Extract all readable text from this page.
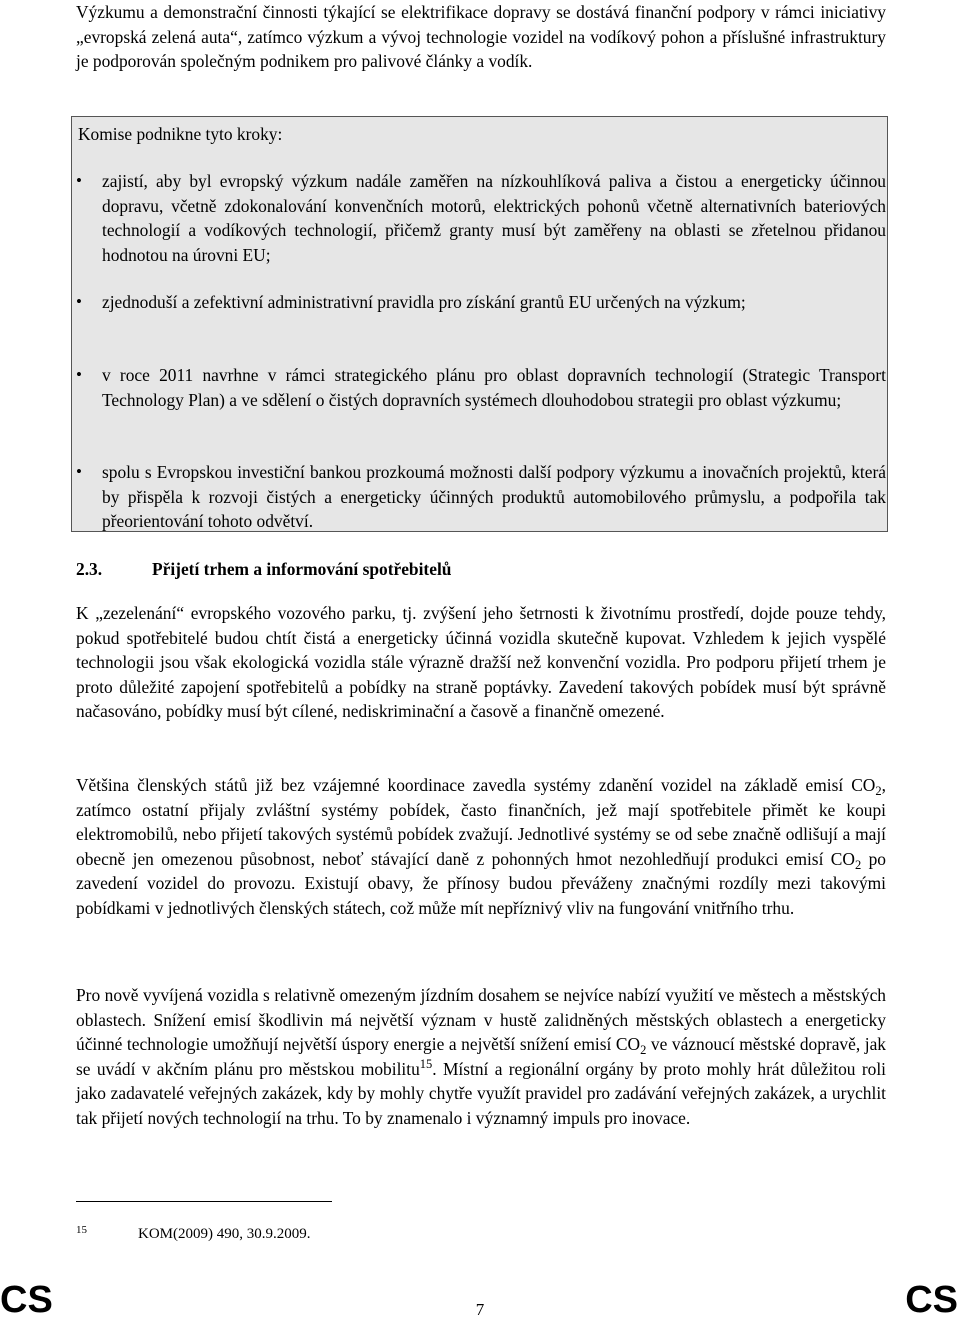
Výzkumu a demonstrační činnosti týkající se elektrifikace dopravy se dostává finanční podpory v rámci iniciativy „evropská zelená auta“, zatímco výzkum a vývoj technologie vozidel na vodíkový pohon a příslušné infrastruktury je podporován společným podnikem pro palivové články a vodík.

Komise podnikne tyto kroky:

• zajistí, aby byl evropský výzkum nadále zaměřen na nízkouhlíková paliva a čistou a energeticky účinnou dopravu, včetně zdokonalování konvenčních motorů, elektrických pohonů včetně alternativních bateriových technologií a vodíkových technologií, přičemž granty musí být zaměřeny na oblasti se zřetelnou přidanou hodnotou na úrovni EU;
• zjednoduší a zefektivní administrativní pravidla pro získání grantů EU určených na výzkum;
• v roce 2011 navrhne v rámci strategického plánu pro oblast dopravních technologií (Strategic Transport Technology Plan) a ve sdělení o čistých dopravních systémech dlouhodobou strategii pro oblast výzkumu;
• spolu s Evropskou investiční bankou prozkoumá možnosti další podpory výzkumu a inovačních projektů, která by přispěla k rozvoji čistých a energeticky účinných produktů automobilového průmyslu, a podpořila tak přeorientování tohoto odvětví.
2.3.	Přijetí trhem a informování spotřebitelů

K „zezelenání“ evropského vozového parku, tj. zvýšení jeho šetrnosti k životnímu prostředí, dojde pouze tehdy, pokud spotřebitelé budou chtít čistá a energeticky účinná vozidla skutečně kupovat. Vzhledem k jejich vyspělé technologii jsou však ekologická vozidla stále výrazně dražší než konvenční vozidla. Pro podporu přijetí trhem je proto důležité zapojení spotřebitelů a pobídky na straně poptávky. Zavedení takových pobídek musí být správně načasováno, pobídky musí být cílené, nediskriminační a časově a finančně omezené.

Většina členských států již bez vzájemné koordinace zavedla systémy zdanění vozidel na základě emisí $CO_2$, zatímco ostatní přijaly zvláštní systémy pobídek, často finančních, jež mají spotřebitele přimět ke koupi elektromobilů, nebo přijetí takových systémů pobídek zvažují. Jednotlivé systémy se od sebe značně odlišují a mají obecně jen omezenou působnost, neboť stávající daně z pohonných hmot nezohledňují produkci emisí $CO_2$ po zavedení vozidel do provozu. Existují obavy, že přínosy budou převáženy značnými rozdíly mezi takovými pobídkami v jednotlivých členských státech, což může mít nepříznivý vliv na fungování vnitřního trhu.

Pro nově vyvíjená vozidla s relativně omezeným jízdním dosahem se nejvíce nabízí využití ve městech a městských oblastech. Snížení emisí škodlivin má největší význam v hustě zalidněných městských oblastech a energeticky účinné technologie umožňují největší úspory energie a největší snížení emisí $CO_2$ ve váznoucí městské dopravě, jak se uvádí v akčním plánu pro městskou mobilitu$^{15}$. Místní a regionální orgány by proto mohly hrát důležitou roli jako zadavatelé veřejných zakázek, kdy by mohly chytře využít pravidel pro zadávání veřejných zakázek, a urychlit tak přijetí nových technologií na trhu. To by znamenalo i významný impuls pro inovace.

15	KOM(2009) 490, 30.9.2009.
CS	7	CS
